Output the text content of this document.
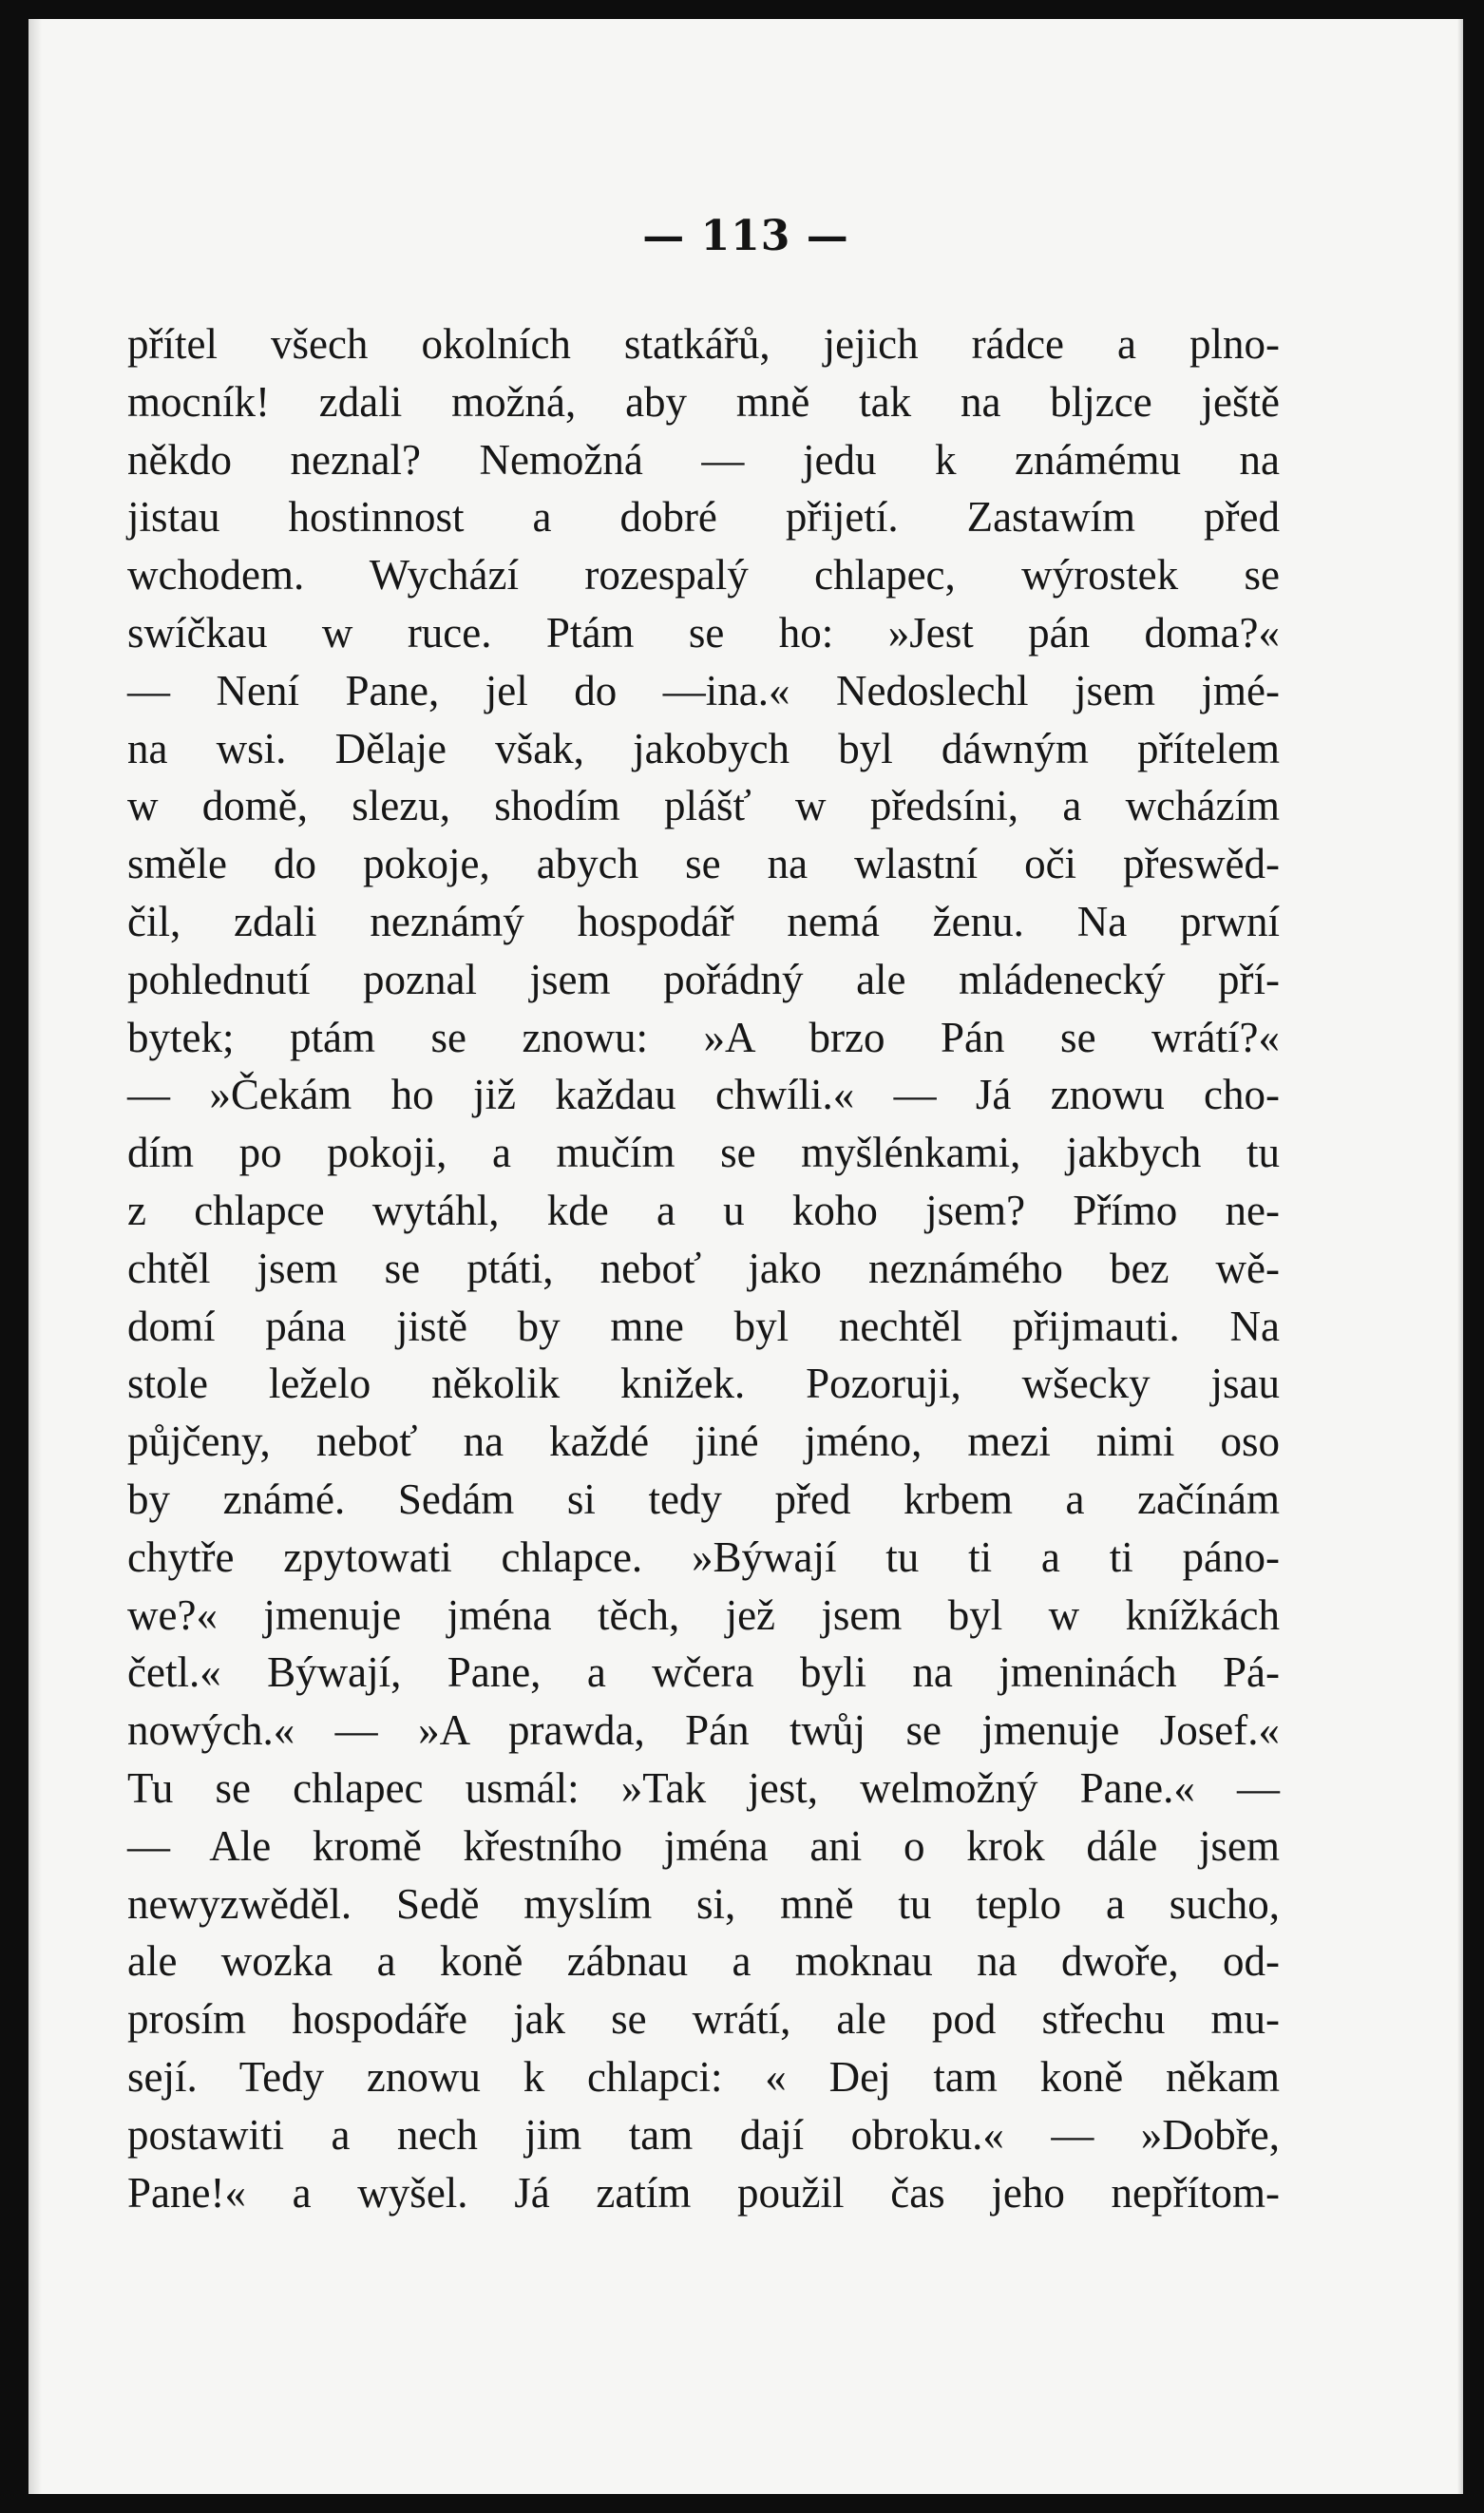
— 113 —
přítel všech okolních statkářů, jejich rádce a plno-
mocník! zdali možná, aby mně tak na bljzce ještě
někdo neznal? Nemožná — jedu k známému na
jistau hostinnost a dobré přijetí. Zastawím před
wchodem. Wychází rozespalý chlapec, wýrostek se
swíčkau w ruce. Ptám se ho: »Jest pán doma?«
— Není Pane, jel do —ina.« Nedoslechl jsem jmé-
na wsi. Dělaje však, jakobych byl dáwným přítelem
w domě, slezu, shodím plášť w předsíni, a wcházím
směle do pokoje, abych se na wlastní oči přeswěd-
čil, zdali neznámý hospodář nemá ženu. Na prwní
pohlednutí poznal jsem pořádný ale mládenecký pří-
bytek; ptám se znowu: »A brzo Pán se wrátí?«
— »Čekám ho již každau chwíli.« — Já znowu cho-
dím po pokoji, a mučím se myšlénkami, jakbych tu
z chlapce wytáhl, kde a u koho jsem? Přímo ne-
chtěl jsem se ptáti, neboť jako neznámého bez wě-
domí pána jistě by mne byl nechtěl přijmauti. Na
stole leželo několik knižek. Pozoruji, wšecky jsau
půjčeny, neboť na každé jiné jméno, mezi nimi oso
by známé. Sedám si tedy před krbem a začínám
chytře zpytowati chlapce. »Býwají tu ti a ti páno-
we?« jmenuje jména těch, jež jsem byl w knížkách
četl.« Býwají, Pane, a wčera byli na jmeninách Pá-
nowých.« — »A prawda, Pán twůj se jmenuje Josef.«
Tu se chlapec usmál: »Tak jest, welmožný Pane.« —
— Ale kromě křestního jména ani o krok dále jsem
newyzwěděl. Sedě myslím si, mně tu teplo a sucho,
ale wozka a koně zábnau a moknau na dwoře, od-
prosím hospodáře jak se wrátí, ale pod střechu mu-
sejí. Tedy znowu k chlapci: « Dej tam koně někam
postawiti a nech jim tam dají obroku.« — »Dobře,
Pane!« a wyšel. Já zatím použil čas jeho nepřítom-
